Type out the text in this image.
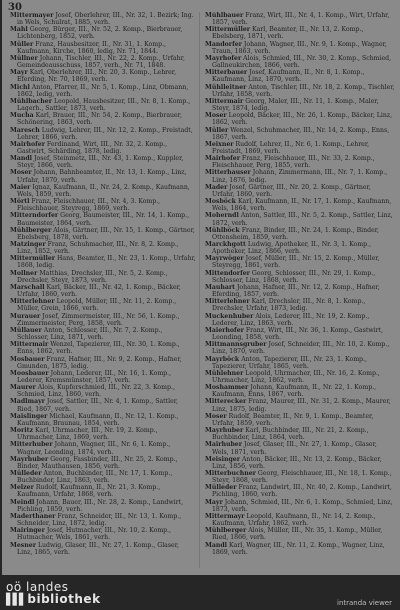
30

Mittermayer Josef, Oberlehrer, III., Nr. 32, 1. Bezirk; Ing. in Wels, Schulrat, 1885, verh.

Mahl Georg, Bürger, III., Nr. 52, 2. Komp., Bierbrauer, Lichtenberg, 1852, verh.

Müller Franz, Hausbesitzer, II., Nr. 31, 1. Komp., Kaufmann, Kirche, 1860, ledig, Nr. 71, 1844.

Müllner Johann, Tischler, III., Nr. 22, 2. Komp., Urfahr, Gemeindeausschuss, 1857, verh., Nr. 71, 1848.

Mayr Karl, Oberlehrer, III., Nr. 20, 3. Komp., Lehrer, Eferding, Nr. 70, 1869, verh.

Michl Anton, Pfarrer, II., Nr. 5, 1. Komp., Linz, Obmann, 1862, ledig, verh.

Mühlbacher Leopold, Hausbesitzer, III., Nr. 8, 1. Komp., Lagerh., Sattler, 1873, verh.

Mucha Karl, Brauer, III., Nr. 54, 2. Komp., Bierbrauer, Schönering, 1863, verh.

Maresch Ludwig, Lehrer, III., Nr. 12, 2. Komp., Freistadt, Lehrer, 1866, verh.

Mairhofer Ferdinand, Wirt, III., Nr. 32, 2. Komp., Gastwirt, Schärding, 1878, ledig.

Mandl Josef, Steinmetz, III., Nr. 43, 1. Komp., Kuppler, Steyr, 1866, verh.

Moser Johann, Bahnbeamter, II., Nr. 13, 1. Komp., Linz, Urfahr, 1870, verh.

Maier Ignaz, Kaufmann, II., Nr. 24, 2. Komp., Kaufmann, Wels, 1859, verh.

Mörtl Franz, Fleischhauer, III., Nr. 4, 3. Komp., Fleischhauer, Steyregg, 1869, verh.

Mitterndorfer Georg, Baumeister, III., Nr. 14, 1. Komp., Baumeister, 1864, verh.

Mühlberger Alois, Gärtner, III., Nr. 15, 1. Komp., Gärtner, Ebelsberg, 1878, verh.

Matzinger Franz, Schuhmacher, III., Nr. 8, 2. Komp., Linz, 1852, verh.

Mittermüller Hans, Beamter, II., Nr. 23, 1. Komp., Urfahr, 1868, ledig.

Mollner Matthias, Drechsler, III., Nr. 5, 2. Komp., Drechsler, Steyr, 1873, verh.

Marschall Karl, Bäcker, III., Nr. 42, 1. Komp., Bäcker, Urfahr, 1860, verh.

Mitterlehner Leopold, Müller, III., Nr. 11, 2. Komp., Müller, Grein, 1866, verh.

Murauer Josef, Zimmermeister, III., Nr. 56, 1. Komp., Zimmermeister, Perg, 1858, verh.

Müllauer Anton, Schlosser, III., Nr. 7, 2. Komp., Schlosser, Linz, 1871, verh.

Mittermair Wenzel, Tapezierer, III., Nr. 30, 1. Komp., Enns, 1862, verh.

Mosbauer Franz, Hafner, III., Nr. 9, 2. Komp., Hafner, Gmunden, 1875, ledig.

Moosbauer Johann, Lederer, III., Nr. 16, 1. Komp., Lederer, Kremsmünster, 1857, verh.

Maurer Alois, Kupferschmied, III., Nr. 22, 3. Komp., Schmied, Linz, 1860, verh.

Madlmayr Josef, Sattler, III., Nr. 4, 1. Komp., Sattler, Ried, 1867, verh.

Maislinger Michael, Kaufmann, II., Nr. 12, 1. Komp., Kaufmann, Braunau, 1854, verh.

Moritz Karl, Uhrmacher, III., Nr. 19, 2. Komp., Uhrmacher, Linz, 1869, verh.

Mitterhuber Johann, Wagner, III., Nr. 6, 1. Komp., Wagner, Leonding, 1874, verh.

Mayrhuber Georg, Fassbinder, III., Nr. 25, 2. Komp., Binder, Mauthausen, 1856, verh.

Mülleder Anton, Buchbinder, III., Nr. 17, 1. Komp., Buchbinder, Linz, 1863, verh.

Melzer Rudolf, Kaufmann, II., Nr. 21, 3. Komp., Kaufmann, Urfahr, 1868, verh.

Meindl Johann, Bauer, III., Nr. 28, 2. Komp., Landwirt, Pichling, 1859, verh.

Maderthaner Franz, Schneider, III., Nr. 13, 1. Komp., Schneider, Linz, 1872, ledig.

Mairinger Josef, Hutmacher, III., Nr. 10, 2. Komp., Hutmacher, Wels, 1861, verh.

Mesner Ludwig, Glaser, III., Nr. 27, 1. Komp., Glaser, Linz, 1865, verh.

Mühlbauer Franz, Wirt, III., Nr. 4, 1. Komp., Wirt, Urfahr, 1857, verh.

Mittermüller Karl, Beamter, II., Nr. 13, 2. Komp., Ebelsberg, 1871, verh.

Mandorfer Johann, Wagner, III., Nr. 9, 1. Komp., Wagner, Traun, 1863, verh.

Mayrhofer Alois, Schmied, III., Nr. 30, 2. Komp., Schmied, Gallneukirchen, 1866, verh.

Mitterbauer Josef, Kaufmann, II., Nr. 8, 1. Komp., Kaufmann, Linz, 1870, verh.

Mühlleitner Anton, Tischler, III., Nr. 18, 2. Komp., Tischler, Urfahr, 1858, verh.

Mittermair Georg, Maler, III., Nr. 11, 1. Komp., Maler, Steyr, 1874, ledig.

Moser Leopold, Bäcker, III., Nr. 26, 1. Komp., Bäcker, Linz, 1862, verh.

Müller Wenzel, Schuhmacher, III., Nr. 14, 2. Komp., Enns, 1867, verh.

Meixner Rudolf, Lehrer, II., Nr. 6, 1. Komp., Lehrer, Freistadt, 1869, verh.

Mairhofer Franz, Fleischhauer, III., Nr. 33, 2. Komp., Fleischhauer, Perg, 1855, verh.

Mitterhauser Johann, Zimmermann, III., Nr. 7, 1. Komp., Linz, 1876, ledig.

Mader Josef, Gärtner, III., Nr. 20, 2. Komp., Gärtner, Urfahr, 1860, verh.

Mosböck Karl, Kaufmann, II., Nr. 17, 1. Komp., Kaufmann, Wels, 1864, verh.

Moherndl Anton, Sattler, III., Nr. 5, 2. Komp., Sattler, Linz, 1872, verh.

Mühlböck Franz, Binder, III., Nr. 24, 1. Komp., Binder, Ottensheim, 1859, verh.

Marckhgott Ludwig, Apotheker, II., Nr. 3, 1. Komp., Apotheker, Linz, 1866, verh.

Mayrwöger Josef, Müller, III., Nr. 15, 2. Komp., Müller, Steyregg, 1861, verh.

Mittendorfer Georg, Schlosser, III., Nr. 29, 1. Komp., Schlosser, Linz, 1868, verh.

Mauhart Johann, Hafner, III., Nr. 12, 2. Komp., Hafner, Eferding, 1857, verh.

Mitterlehner Karl, Drechsler, III., Nr. 8, 1. Komp., Drechsler, Urfahr, 1873, ledig.

Muckenhuber Alois, Lederer, III., Nr. 19, 2. Komp., Lederer, Linz, 1863, verh.

Maierhofer Franz, Wirt, III., Nr. 36, 1. Komp., Gastwirt, Leonding, 1858, verh.

Mittmannsgruber Josef, Schneider, III., Nr. 10, 2. Komp., Linz, 1870, verh.

Mayrböck Anton, Tapezierer, III., Nr. 23, 1. Komp., Tapezierer, Urfahr, 1865, verh.

Mühlehner Leopold, Uhrmacher, III., Nr. 16, 2. Komp., Uhrmacher, Linz, 1862, verh.

Moshammer Johann, Kaufmann, II., Nr. 22, 1. Komp., Kaufmann, Enns, 1867, verh.

Mitterecker Franz, Maurer, III., Nr. 31, 2. Komp., Maurer, Linz, 1875, ledig.

Moser Rudolf, Beamter, II., Nr. 9, 1. Komp., Beamter, Urfahr, 1859, verh.

Mayrhuber Karl, Buchbinder, III., Nr. 21, 2. Komp., Buchbinder, Linz, 1864, verh.

Mairhuber Josef, Glaser, III., Nr. 27, 1. Komp., Glaser, Wels, 1871, verh.

Meisinger Anton, Bäcker, III., Nr. 13, 2. Komp., Bäcker, Linz, 1856, verh.

Mitterbuchner Georg, Fleischhauer, III., Nr. 18, 1. Komp., Steyr, 1868, verh.

Mülleder Franz, Landwirt, III., Nr. 40, 2. Komp., Landwirt, Pichling, 1860, verh.

Mayr Johann, Schmied, III., Nr. 6, 1. Komp., Schmied, Linz, 1873, verh.

Mittermayr Leopold, Kaufmann, II., Nr. 14, 2. Komp., Kaufmann, Urfahr, 1862, verh.

Mühlberger Alois, Müller, III., Nr. 35, 1. Komp., Müller, Ried, 1866, verh.

Mandl Karl, Wagner, III., Nr. 11, 2. Komp., Wagner, Linz, 1869, verh.

oö landes
▌▌▌ bibliothek	intranda viewer
